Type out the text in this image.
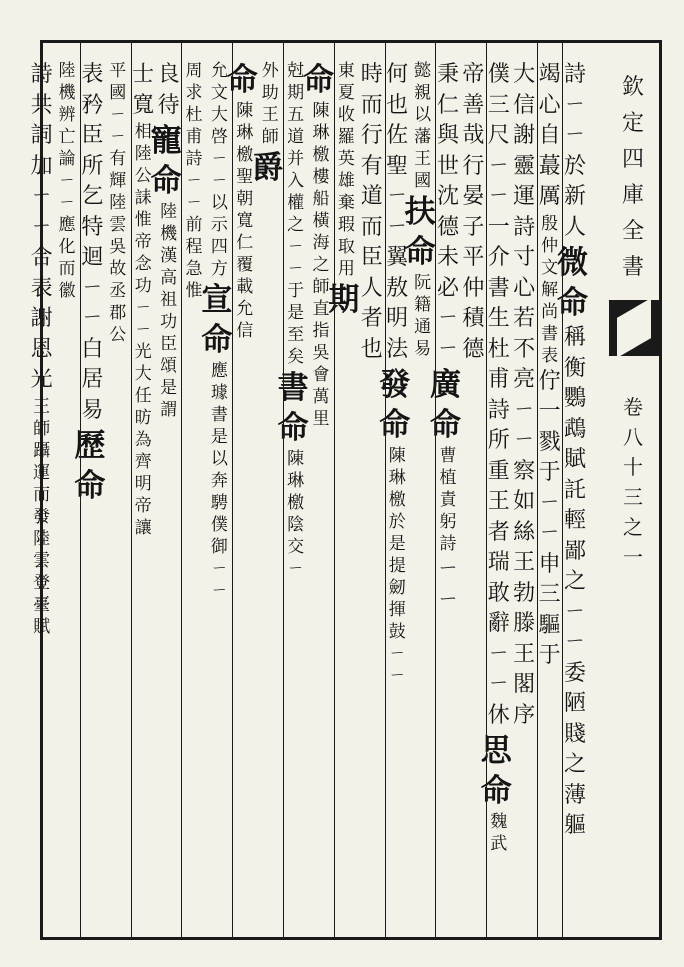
欽
定
四
庫
全
書
卷
八
十
三
之
一
詩
ㄧ
ㄧ
於
新
人
微
命
稱
衡
鸚
鵡
賦
託
輕
鄙
之
ㄧ
ㄧ
委
陋
賤
之
薄
軀
竭
心
自
蕞
厲
殷
仲
文
解
尚
書
表
佇
一
戮
于
ㄧ
ㄧ
申
三
驅
于
大
信
謝
靈
運
詩
寸
心
若
不
亮
ㄧ
ㄧ
察
如
絲
王
勃
滕
王
閣
序
僕
三
尺
ㄧ
ㄧ
一
介
書
生
杜
甫
詩
所
重
王
者
瑞
敢
辭
ㄧ
ㄧ
休
思
命
魏
武
帝
善
哉
行
晏
子
平
仲
積
德
秉
仁
與
世
沈
德
未
必
ㄧ
ㄧ
廣
命
曹
植
責
躬
詩
ㄧ
ㄧ
懿
親
以
藩
王
國
扶
命
阮
籍
通
易
何
也
佐
聖
ㄧ
ㄧ
翼
敖
明
法
發
命
陳
琳
檄
於
是
提
劒
揮
鼓
ㄧ
ㄧ
時
而
行
有
道
而
臣
人
者
也
東
夏
收
羅
英
雄
棄
瑕
取
用
期
命
陳
琳
檄
樓
船
橫
海
之
師
直
指
吳
會
萬
里
尅
期
五
道
并
入
權
之
ㄧ
ㄧ
于
是
至
矣
書
命
陳
琳
檄
陰
交
ㄧ
外
助
王
師
爵
命
陳
琳
檄
聖
朝
寬
仁
覆
載
允
信
允
文
大
啓
ㄧ
ㄧ
以
示
四
方
宣
命
應
璩
書
是
以
奔
騁
僕
御
ㄧ
ㄧ
周
求
杜
甫
詩
ㄧ
ㄧ
前
程
急
惟
良
待
寵
命
陸
機
漢
高
祖
功
臣
頌
是
謂
士
寬
相
陸
公
誄
惟
帝
念
功
ㄧ
ㄧ
光
大
任
昉
為
齊
明
帝
讓
平
國
ㄧ
ㄧ
有
輝
陸
雲
吳
故
丞
郡
公
表
矜
臣
所
乞
特
迴
ㄧ
ㄧ
白
居
易
歷
命
陸
機
辨
亡
論
ㄧ
ㄧ
應
化
而
徽
詩
共
詞
加
ㄧ
ㄧ
合
表
謝
恩
光
王
師
躡
運
而
發
陸
雲
登
臺
賦
